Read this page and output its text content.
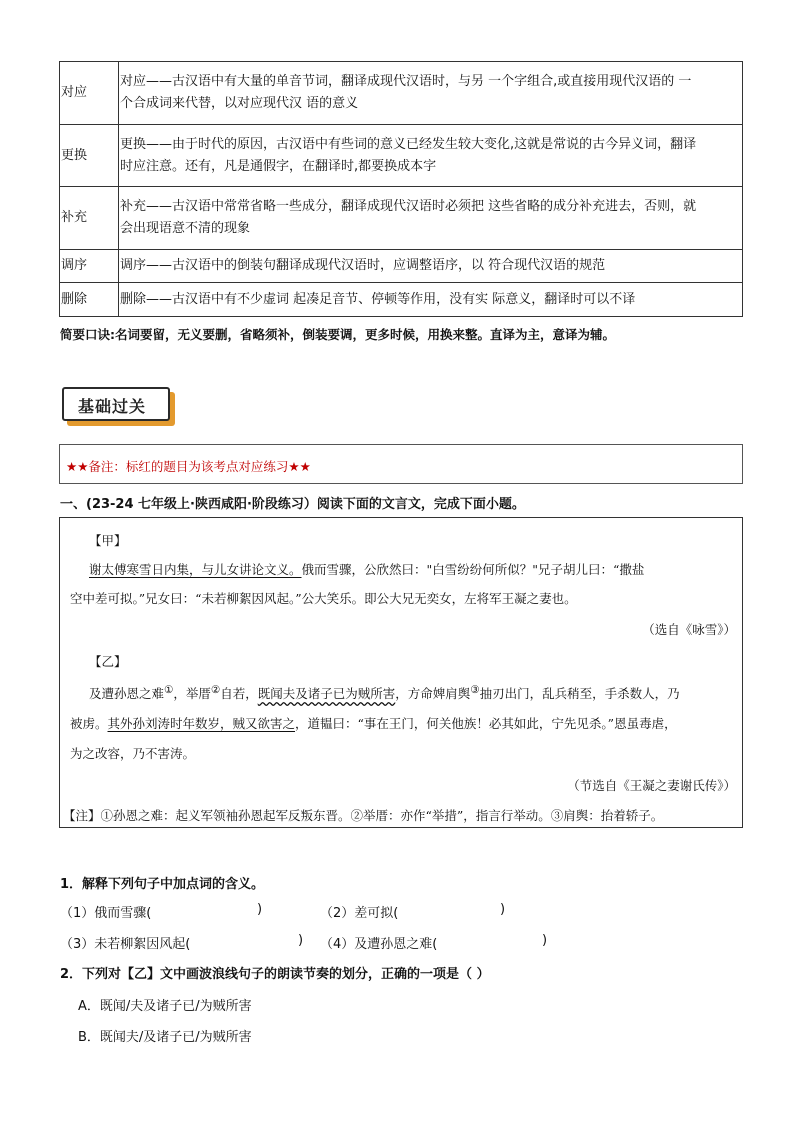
对应	对应——古汉语中有大量的单音节词，翻译成现代汉语时，与另 一个字组合,或直接用现代汉语的 一
个合成词来代替，以对应现代汉 语的意义

更换	更换——由于时代的原因，古汉语中有些词的意义已经发生较大变化,这就是常说的古今异义词，翻译
时应注意。还有，凡是通假字，在翻译时,都要换成本字

补充	补充——古汉语中常常省略一些成分，翻译成现代汉语时必须把 这些省略的成分补充进去，否则，就
会出现语意不清的现象

调序	调序——古汉语中的倒装句翻译成现代汉语时，应调整语序，以 符合现代汉语的规范

删除	删除——古汉语中有不少虚词 起凑足音节、停顿等作用，没有实 际意义，翻译时可以不译
简要口诀:名词要留，无义要删，省略须补，倒装要调，更多时候，用换来整。直译为主，意译为辅。
基础过关
★★备注：标红的题目为该考点对应练习★★
一、(23-24 七年级上·陕西咸阳·阶段练习）阅读下面的文言文，完成下面小题。
【甲】
谢太傅寒雪日内集，与儿女讲论文义。俄而雪骤，公欣然曰："白雪纷纷何所似？"兄子胡儿曰：“撒盐
空中差可拟。”兄女曰：“未若柳絮因风起。”公大笑乐。即公大兄无奕女，左将军王凝之妻也。
（选自《咏雪》）
【乙】
及遭孙恩之难①，举厝②自若，既闻夫及诸子已为贼所害，方命婢肩舆③抽刃出门，乱兵稍至，手杀数人，乃
被虏。其外孙刘涛时年数岁，贼又欲害之，道韫曰：“事在王门，何关他族！必其如此，宁先见杀。”恩虽毒虐，
为之改容，乃不害涛。
（节选自《王凝之妻谢氏传》）
【注】①孙恩之难：起义军领袖孙恩起军反叛东晋。②举厝：亦作“举措”，指言行举动。③肩舆：抬着轿子。
1．解释下列句子中加点词的含义。
（1）俄而雪骤(	)	（2）差可拟(	)
（3）未若柳絮因风起(	) （4）及遭孙恩之难(	)
2．下列对【乙】文中画波浪线句子的朗读节奏的划分，正确的一项是（ ）
A．既闻/夫及诸子已/为贼所害
B．既闻夫/及诸子已/为贼所害
